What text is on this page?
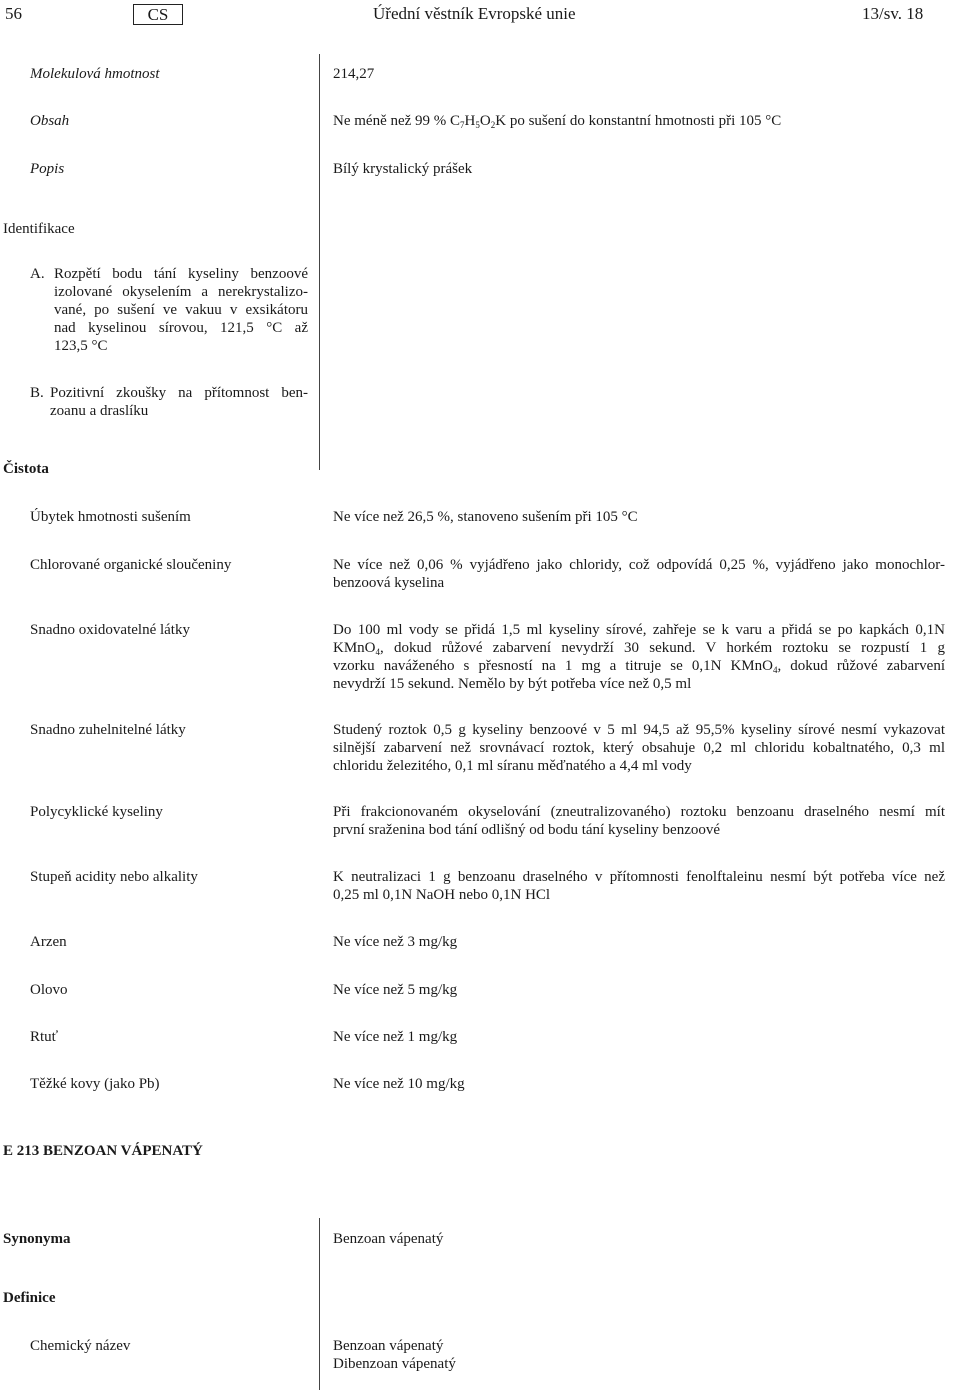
56	CS	Úřední věstník Evropské unie	13/sv. 18
Molekulová hmotnost	214,27
Obsah	Ne méně než 99 % $C_7H_5O_2K$ po sušení do konstantní hmotnosti při 105 °C
Popis	Bílý krystalický prášek
Identifikace
A. Rozpětí bodu tání kyseliny benzoové
izolované okyselením a nerekrystalizo-
vané, po sušení ve vakuu v exsikátoru
nad kyselinou sírovou, 121,5 °C až
123,5 °C
B. Pozitivní zkoušky na přítomnost ben-
zoanu a draslíku
Čistota
Úbytek hmotnosti sušením	Ne více než 26,5 %, stanoveno sušením při 105 °C
Chlorované organické sloučeniny	Ne více než 0,06 % vyjádřeno jako chloridy, což odpovídá 0,25 %, vyjádřeno jako monochlor-
benzoová kyselina
Snadno oxidovatelné látky	Do 100 ml vody se přidá 1,5 ml kyseliny sírové, zahřeje se k varu a přidá se po kapkách 0,1N
KMnO$_4$, dokud růžové zabarvení nevydrží 30 sekund. V horkém roztoku se rozpustí 1 g
vzorku naváženého s přesností na 1 mg a titruje se 0,1N KMnO$_4$, dokud růžové zabarvení
nevydrží 15 sekund. Nemělo by být potřeba více než 0,5 ml
Snadno zuhelnitelné látky	Studený roztok 0,5 g kyseliny benzoové v 5 ml 94,5 až 95,5% kyseliny sírové nesmí vykazovat
silnější zabarvení než srovnávací roztok, který obsahuje 0,2 ml chloridu kobaltnatého, 0,3 ml
chloridu železitého, 0,1 ml síranu měďnatého a 4,4 ml vody
Polycyklické kyseliny	Při frakcionovaném okyselování (zneutralizovaného) roztoku benzoanu draselného nesmí mít
první sraženina bod tání odlišný od bodu tání kyseliny benzoové
Stupeň acidity nebo alkality	K neutralizaci 1 g benzoanu draselného v přítomnosti fenolftaleinu nesmí být potřeba více než
0,25 ml 0,1N NaOH nebo 0,1N HCl
Arzen	Ne více než 3 mg/kg
Olovo	Ne více než 5 mg/kg
Rtuť	Ne více než 1 mg/kg
Těžké kovy (jako Pb)	Ne více než 10 mg/kg
E 213 BENZOAN VÁPENATÝ
Synonyma	Benzoan vápenatý
Definice
Chemický název	Benzoan vápenatý
Dibenzoan vápenatý
